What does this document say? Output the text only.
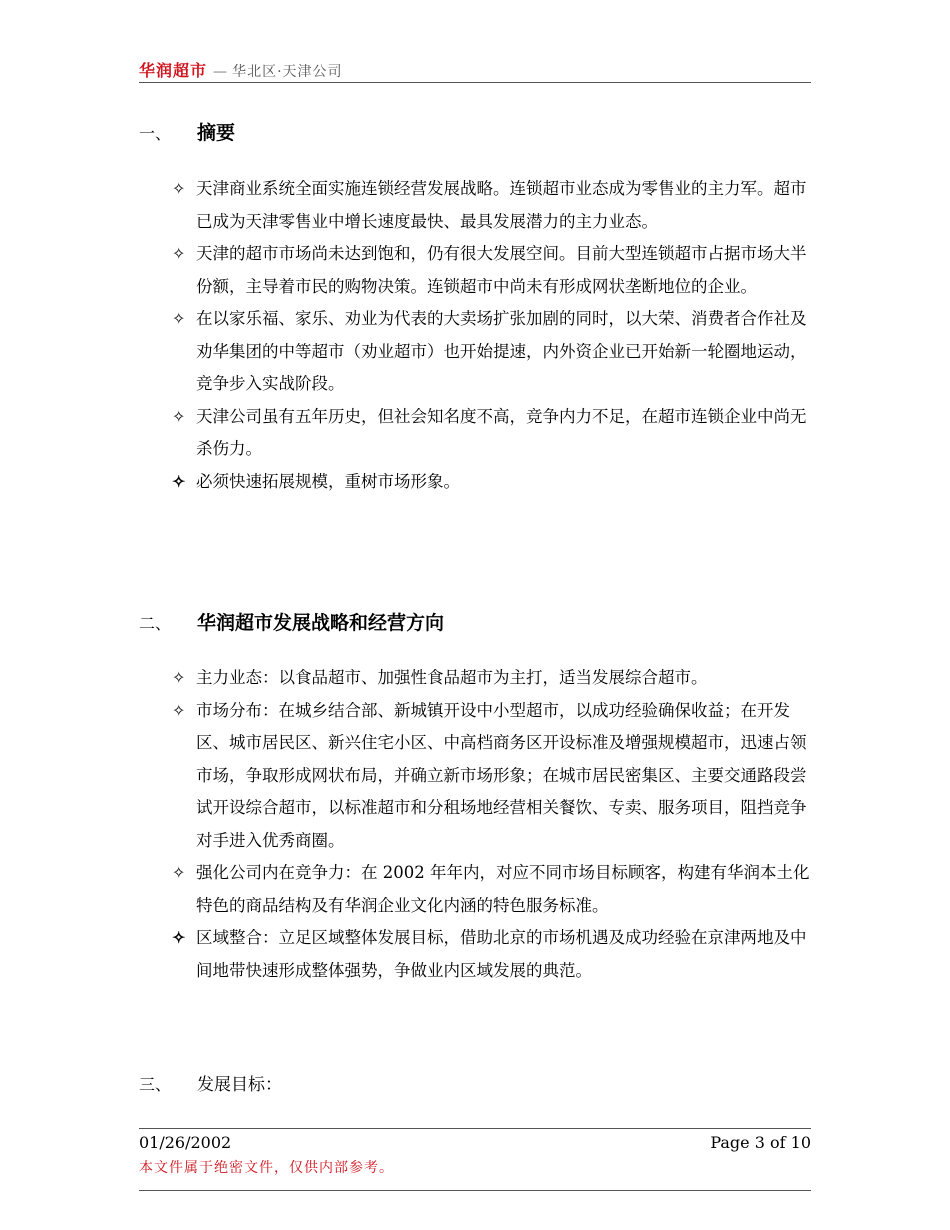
华润超市 — 华北区·天津公司
一、 摘要
✧ 天津商业系统全面实施连锁经营发展战略。连锁超市业态成为零售业的主力军。超市已成为天津零售业中增长速度最快、最具发展潜力的主力业态。
✧ 天津的超市市场尚未达到饱和，仍有很大发展空间。目前大型连锁超市占据市场大半份额，主导着市民的购物决策。连锁超市中尚未有形成网状垄断地位的企业。
✧ 在以家乐福、家乐、劝业为代表的大卖场扩张加剧的同时，以大荣、消费者合作社及劝华集团的中等超市（劝业超市）也开始提速，内外资企业已开始新一轮圈地运动，竞争步入实战阶段。
✧ 天津公司虽有五年历史，但社会知名度不高，竞争内力不足，在超市连锁企业中尚无杀伤力。
✧ 必须快速拓展规模，重树市场形象。
二、 华润超市发展战略和经营方向
✧ 主力业态：以食品超市、加强性食品超市为主打，适当发展综合超市。
✧ 市场分布：在城乡结合部、新城镇开设中小型超市，以成功经验确保收益；在开发区、城市居民区、新兴住宅小区、中高档商务区开设标准及增强规模超市，迅速占领市场，争取形成网状布局，并确立新市场形象；在城市居民密集区、主要交通路段尝试开设综合超市，以标准超市和分租场地经营相关餐饮、专卖、服务项目，阻挡竞争对手进入优秀商圈。
✧ 强化公司内在竞争力：在 2002 年年内，对应不同市场目标顾客，构建有华润本土化特色的商品结构及有华润企业文化内涵的特色服务标准。
✧ 区域整合：立足区域整体发展目标，借助北京的市场机遇及成功经验在京津两地及中间地带快速形成整体强势，争做业内区域发展的典范。
三、 发展目标：
01/26/2002	Page 3 of 10
本文件属于绝密文件，仅供内部参考。
